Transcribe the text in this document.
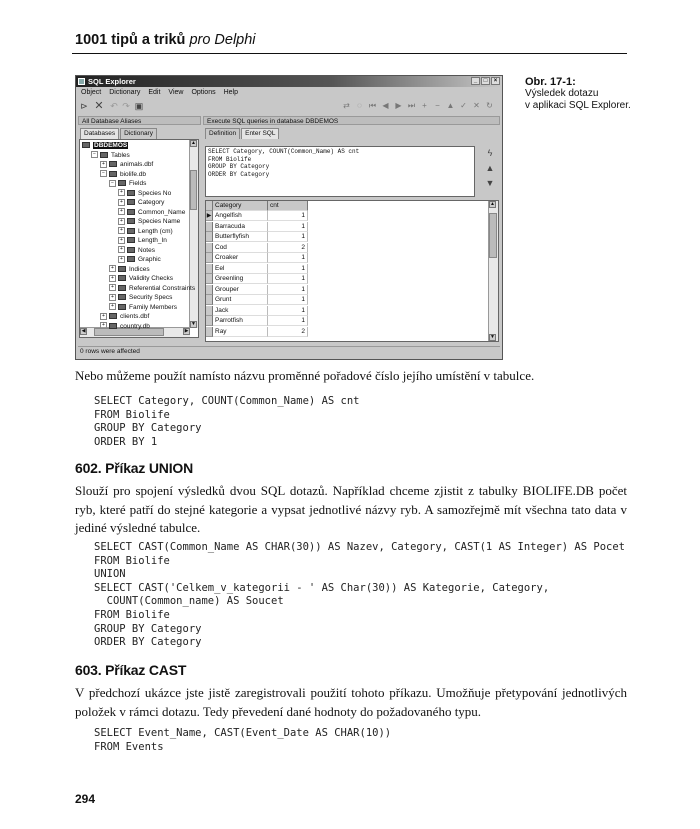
1001 tipů a triků pro Delphi
SQL Explorer	_	□	×
Object Dictionary Edit View Options Help
⊳ ✕ ↶ ↷ ▣	⇄ ◌ ⏮ ◀ ▶ ⏭ + − ▲ ✓ ✕ ↻
All Database Aliases	Execute SQL queries in database DBDEMOS
Databases	Dictionary	Definition	Enter SQL
▲
▼
◀	▶
DBDEMOS
− Tables
+ animals.dbf
− biolife.db
− Fields
+ Species No
+ Category
+ Common_Name
+ Species Name
+ Length (cm)
+ Length_In
+ Notes
+ Graphic
+ Indices
+ Validity Checks
+ Referential Constraints
+ Security Specs
+ Family Members
+ clients.dbf
+ country.db
SELECT Category, COUNT(Common_Name) AS cnt
FROM Biolife
GROUP BY Category
ORDER BY Category
ϟ
▲
▼
▲
▼
Category	cnt
▶ Angelfish	1
Barracuda	1
Butterflyfish	1
Cod	2
Croaker	1
Eel	1
Greenling	1
Grouper	1
Grunt	1
Jack	1
Parrotfish	1
Ray	2
0 rows were affected
Obr. 17-1:
Výsledek dotazu
v aplikaci SQL Explorer.
Nebo můžeme použít namísto názvu proměnné pořadové číslo jejího umístění v tabulce.
SELECT Category, COUNT(Common_Name) AS cnt
FROM Biolife
GROUP BY Category
ORDER BY 1
602. Příkaz UNION
Slouží pro spojení výsledků dvou SQL dotazů. Například chceme zjistit z tabulky BIOLIFE.DB počet ryb, které patří do stejné kategorie a vypsat jednotlivé názvy ryb. A samozřejmě mít všechna tato data v jediné výsledné tabulce.
SELECT CAST(Common_Name AS CHAR(30)) AS Nazev, Category, CAST(1 AS Integer) AS Pocet
FROM Biolife
UNION
SELECT CAST('Celkem_v_kategorii - ' AS Char(30)) AS Kategorie, Category,
COUNT(Common_name) AS Soucet
FROM Biolife
GROUP BY Category
ORDER BY Category
603. Příkaz CAST
V předchozí ukázce jste jistě zaregistrovali použití tohoto příkazu. Umožňuje přetypování jednotlivých položek v rámci dotazu. Tedy převedení dané hodnoty do požadovaného typu.
SELECT Event_Name, CAST(Event_Date AS CHAR(10))
FROM Events
294
